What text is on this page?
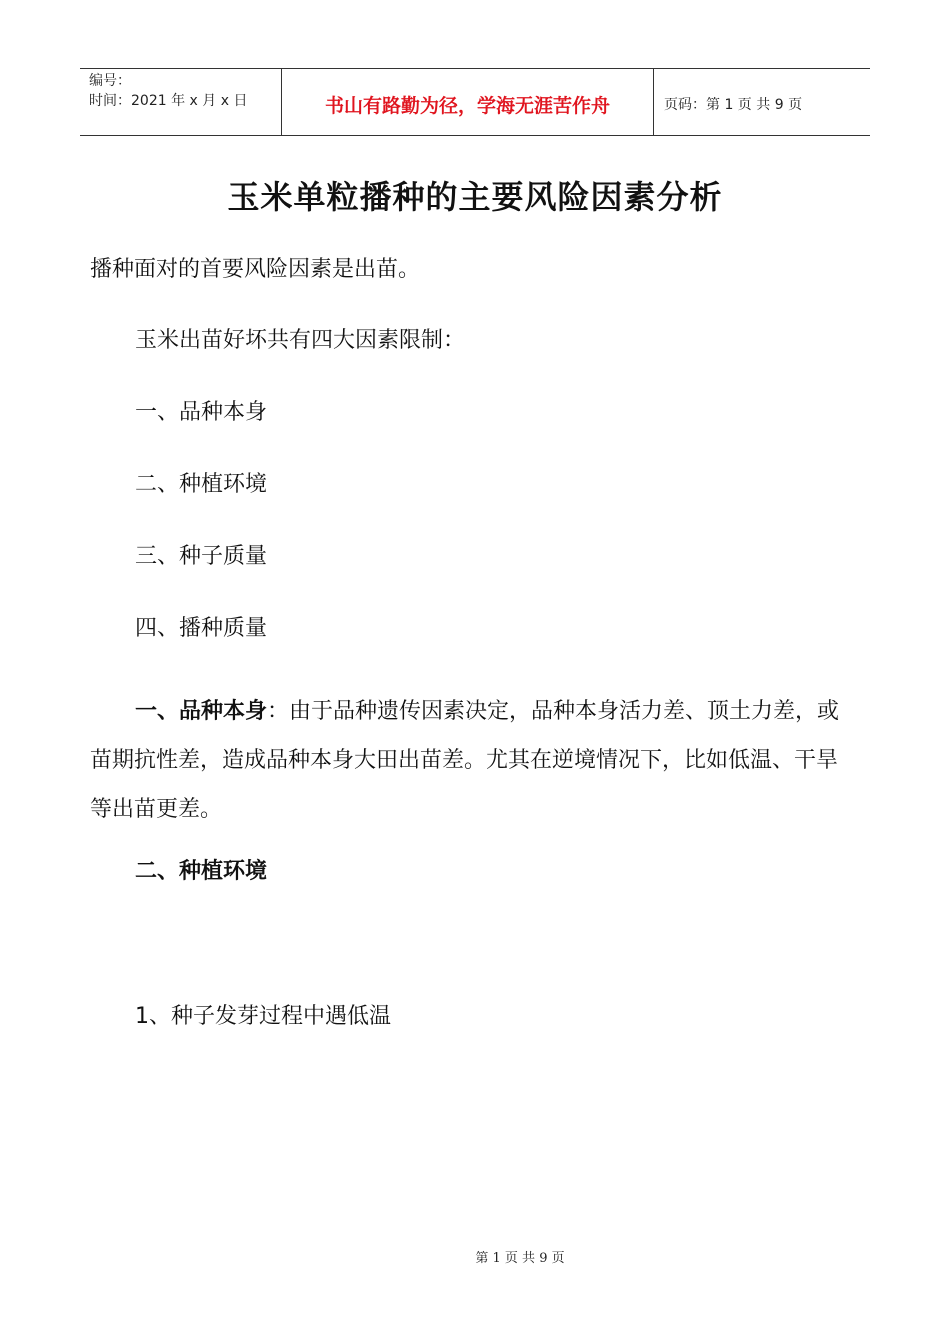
编号：
时间：2021 年 x 月 x 日	书山有路勤为径，学海无涯苦作舟	页码：第 1 页 共 9 页
玉米单粒播种的主要风险因素分析
播种面对的首要风险因素是出苗。
玉米出苗好坏共有四大因素限制：
一、品种本身
二、种植环境
三、种子质量
四、播种质量
一、品种本身：由于品种遗传因素决定，品种本身活力差、顶土力差，或苗期抗性差，造成品种本身大田出苗差。尤其在逆境情况下，比如低温、干旱等出苗更差。
二、种植环境
1、种子发芽过程中遇低温
第 1 页 共 9 页
